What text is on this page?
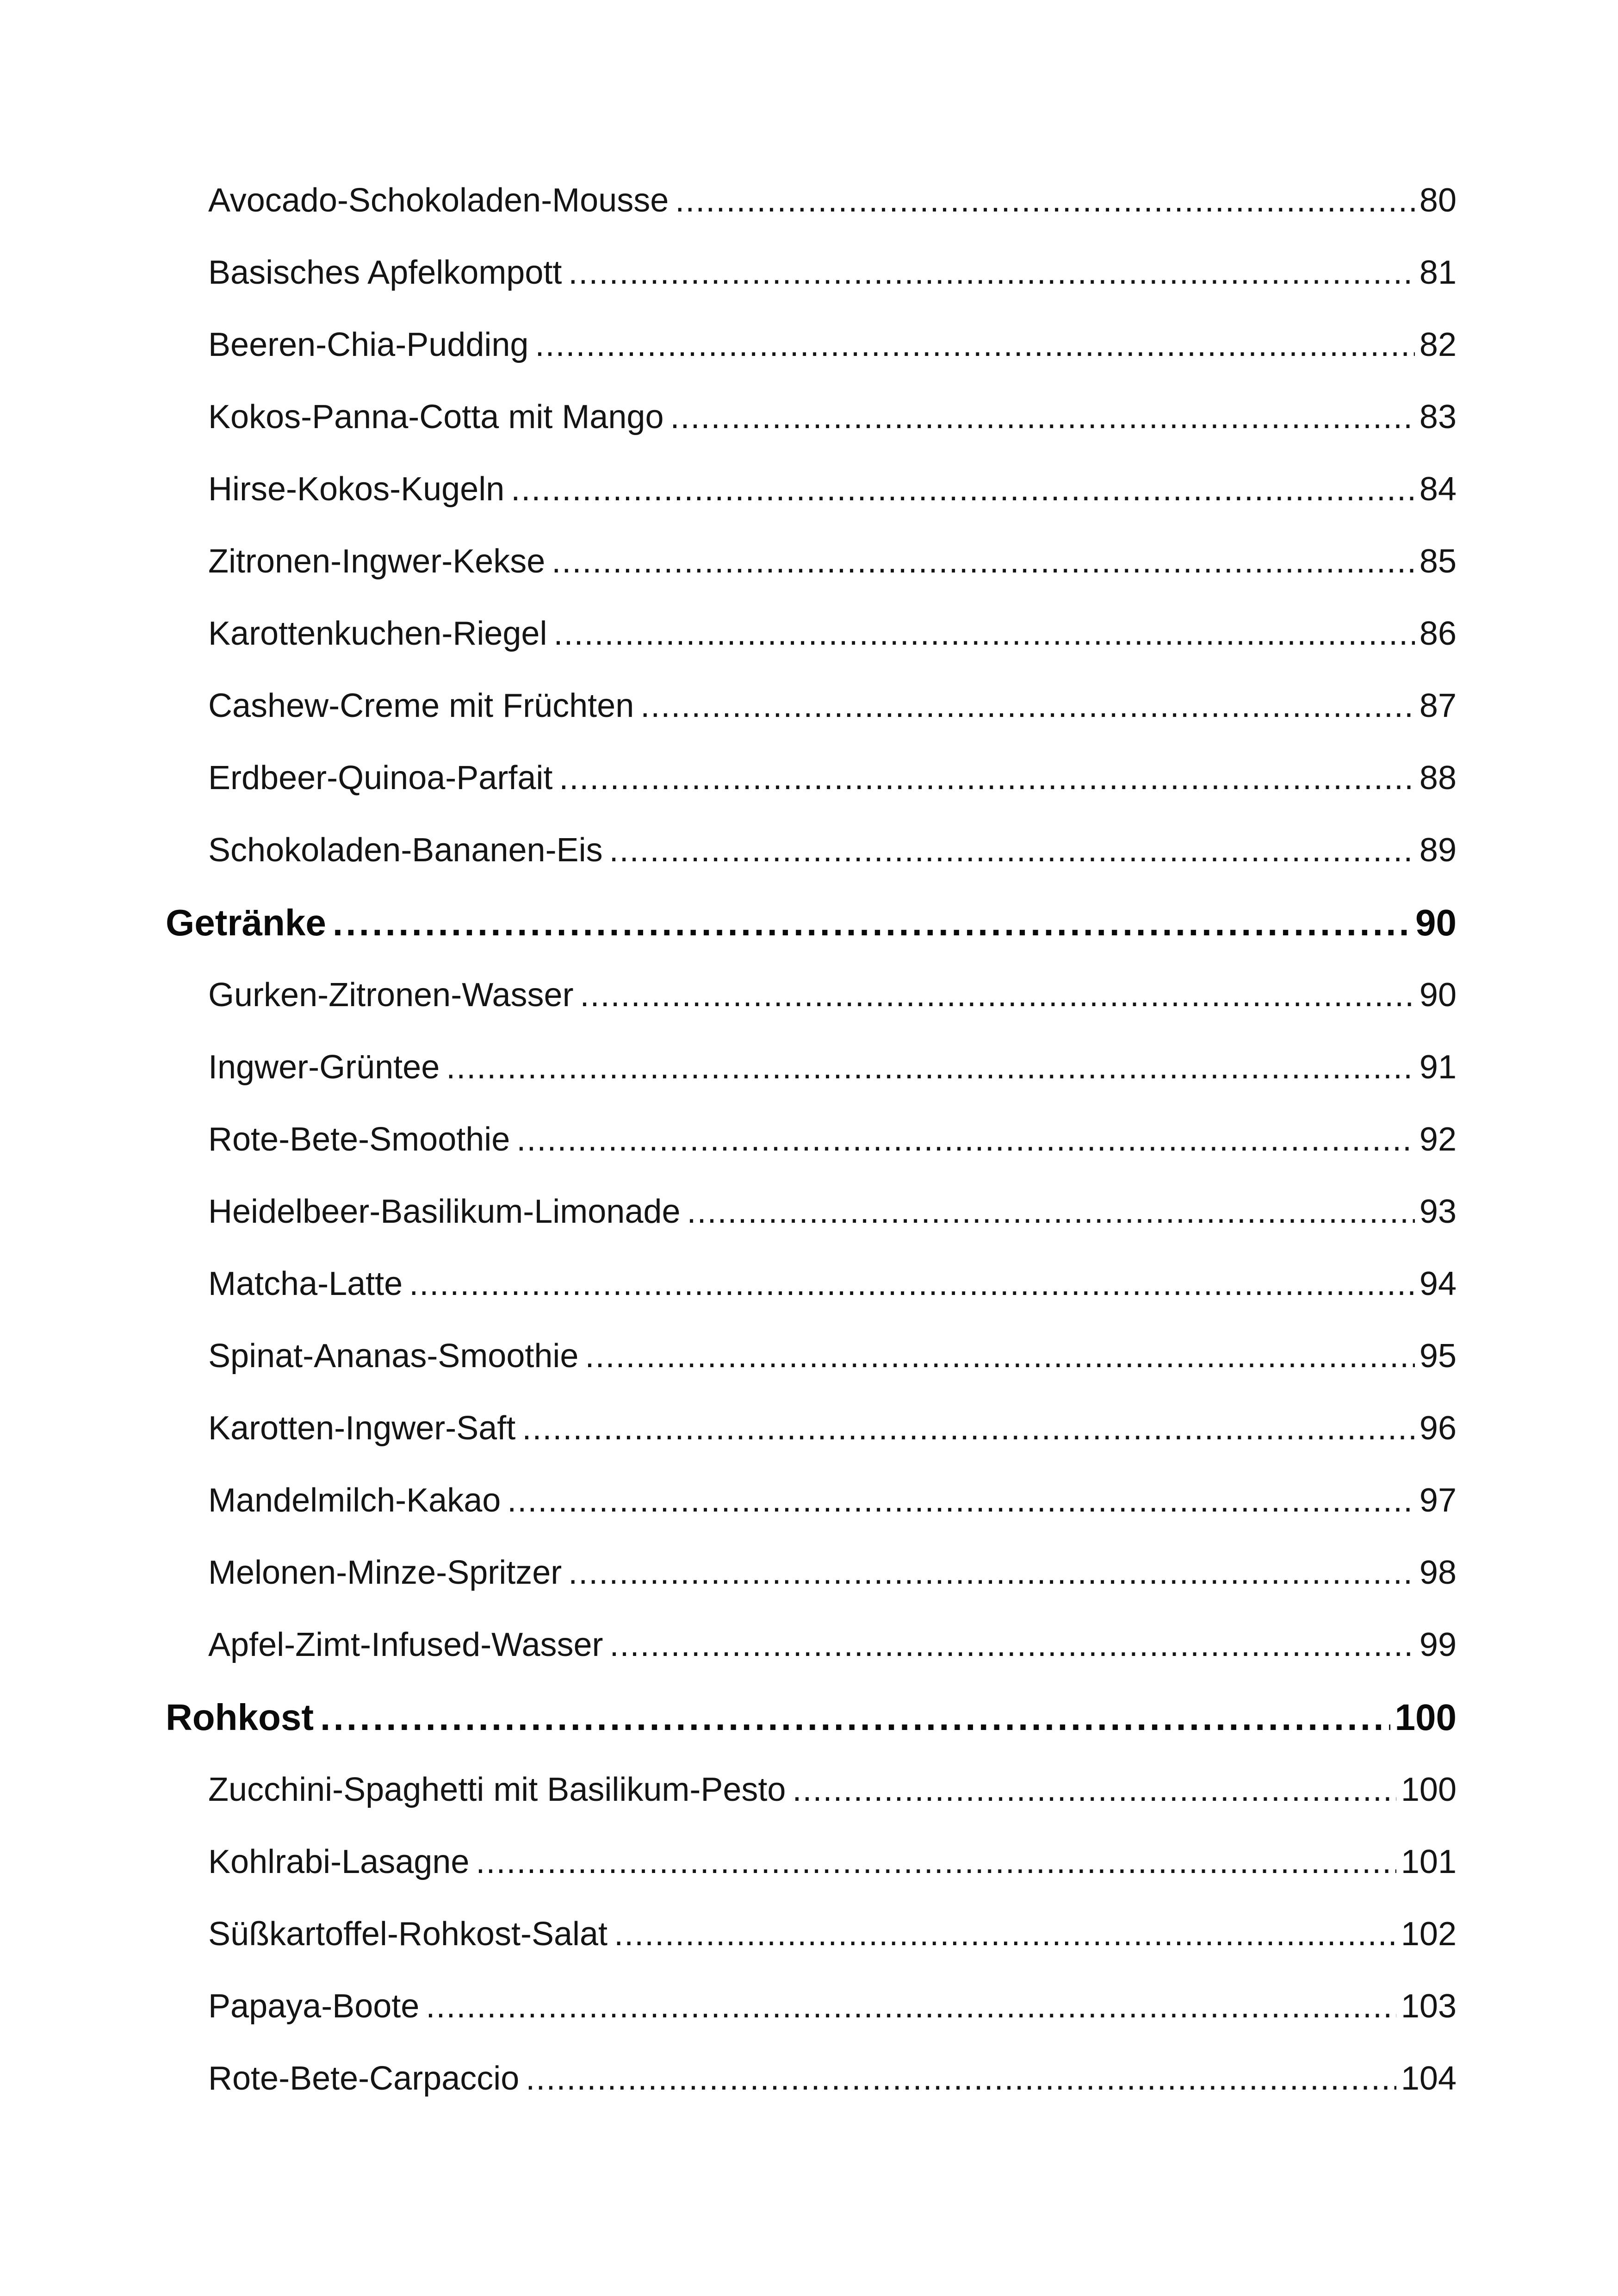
Avocado-Schokoladen-Mousse . . .	80
Basisches Apfelkompott . . .	81
Beeren-Chia-Pudding . . .	82
Kokos-Panna-Cotta mit Mango . . .	83
Hirse-Kokos-Kugeln . . .	84
Zitronen-Ingwer-Kekse . . .	85
Karottenkuchen-Riegel . . .	86
Cashew-Creme mit Früchten . . .	87
Erdbeer-Quinoa-Parfait . . .	88
Schokoladen-Bananen-Eis . . .	89
Getränke . . .	90
Gurken-Zitronen-Wasser . . .	90
Ingwer-Grüntee . . .	91
Rote-Bete-Smoothie . . .	92
Heidelbeer-Basilikum-Limonade . . .	93
Matcha-Latte . . .	94
Spinat-Ananas-Smoothie . . .	95
Karotten-Ingwer-Saft . . .	96
Mandelmilch-Kakao . . .	97
Melonen-Minze-Spritzer . . .	98
Apfel-Zimt-Infused-Wasser . . .	99
Rohkost . . .	100
Zucchini-Spaghetti mit Basilikum-Pesto . . .	100
Kohlrabi-Lasagne . . .	101
Süßkartoffel-Rohkost-Salat . . .	102
Papaya-Boote . . .	103
Rote-Bete-Carpaccio . . .	104
